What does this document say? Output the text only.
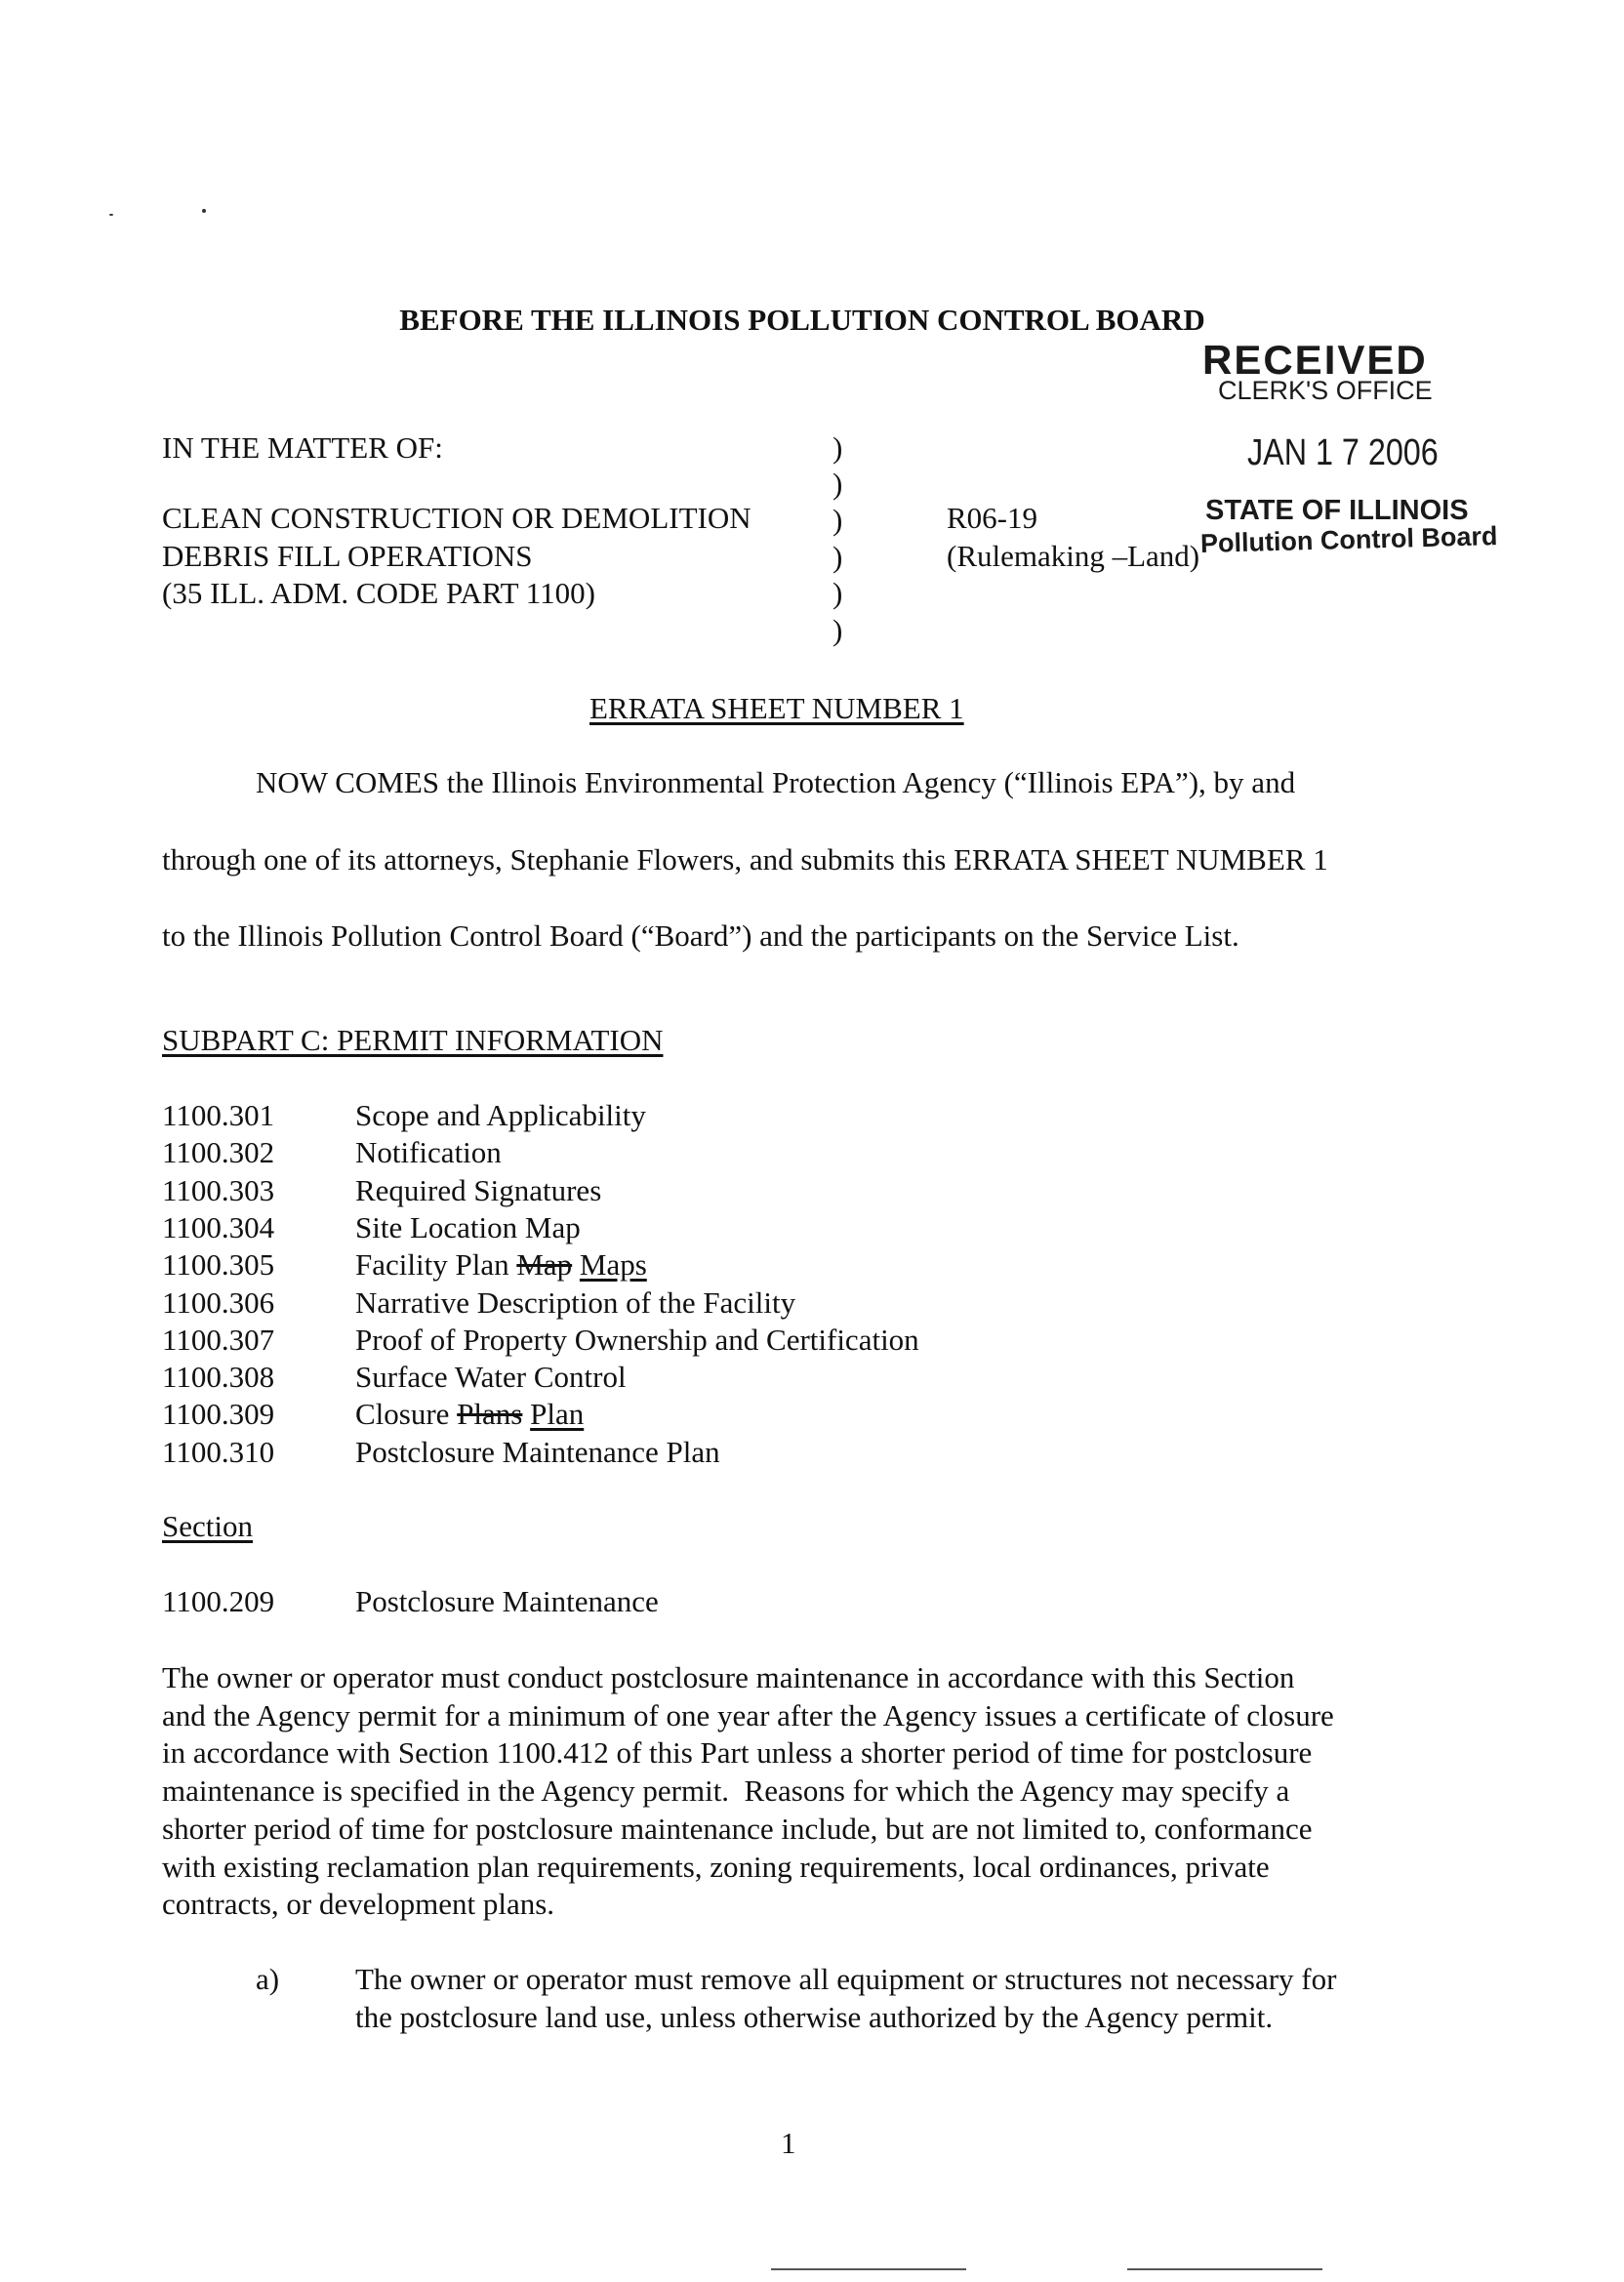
BEFORE THE ILLINOIS POLLUTION CONTROL BOARD
RECEIVED
CLERK'S OFFICE
JAN 1 7 2006
STATE OF ILLINOIS
Pollution Control Board
IN THE MATTER OF:
CLEAN CONSTRUCTION OR DEMOLITION
DEBRIS FILL OPERATIONS
(35 ILL. ADM. CODE PART 1100)
)
)
)
)
)
)
R06-19
(Rulemaking –Land)
ERRATA SHEET NUMBER 1
NOW COMES the Illinois Environmental Protection Agency (“Illinois EPA”), by and
through one of its attorneys, Stephanie Flowers, and submits this ERRATA SHEET NUMBER 1
to the Illinois Pollution Control Board (“Board”) and the participants on the Service List.
SUBPART C: PERMIT INFORMATION
1100.301	Scope and Applicability
1100.302	Notification
1100.303	Required Signatures
1100.304	Site Location Map
1100.305	Facility Plan Map Maps
1100.306	Narrative Description of the Facility
1100.307	Proof of Property Ownership and Certification
1100.308	Surface Water Control
1100.309	Closure Plans Plan
1100.310	Postclosure Maintenance Plan
Section
1100.209	Postclosure Maintenance
The owner or operator must conduct postclosure maintenance in accordance with this Section
and the Agency permit for a minimum of one year after the Agency issues a certificate of closure
in accordance with Section 1100.412 of this Part unless a shorter period of time for postclosure
maintenance is specified in the Agency permit.  Reasons for which the Agency may specify a
shorter period of time for postclosure maintenance include, but are not limited to, conformance
with existing reclamation plan requirements, zoning requirements, local ordinances, private
contracts, or development plans.
a)	The owner or operator must remove all equipment or structures not necessary for
the postclosure land use, unless otherwise authorized by the Agency permit.
1
